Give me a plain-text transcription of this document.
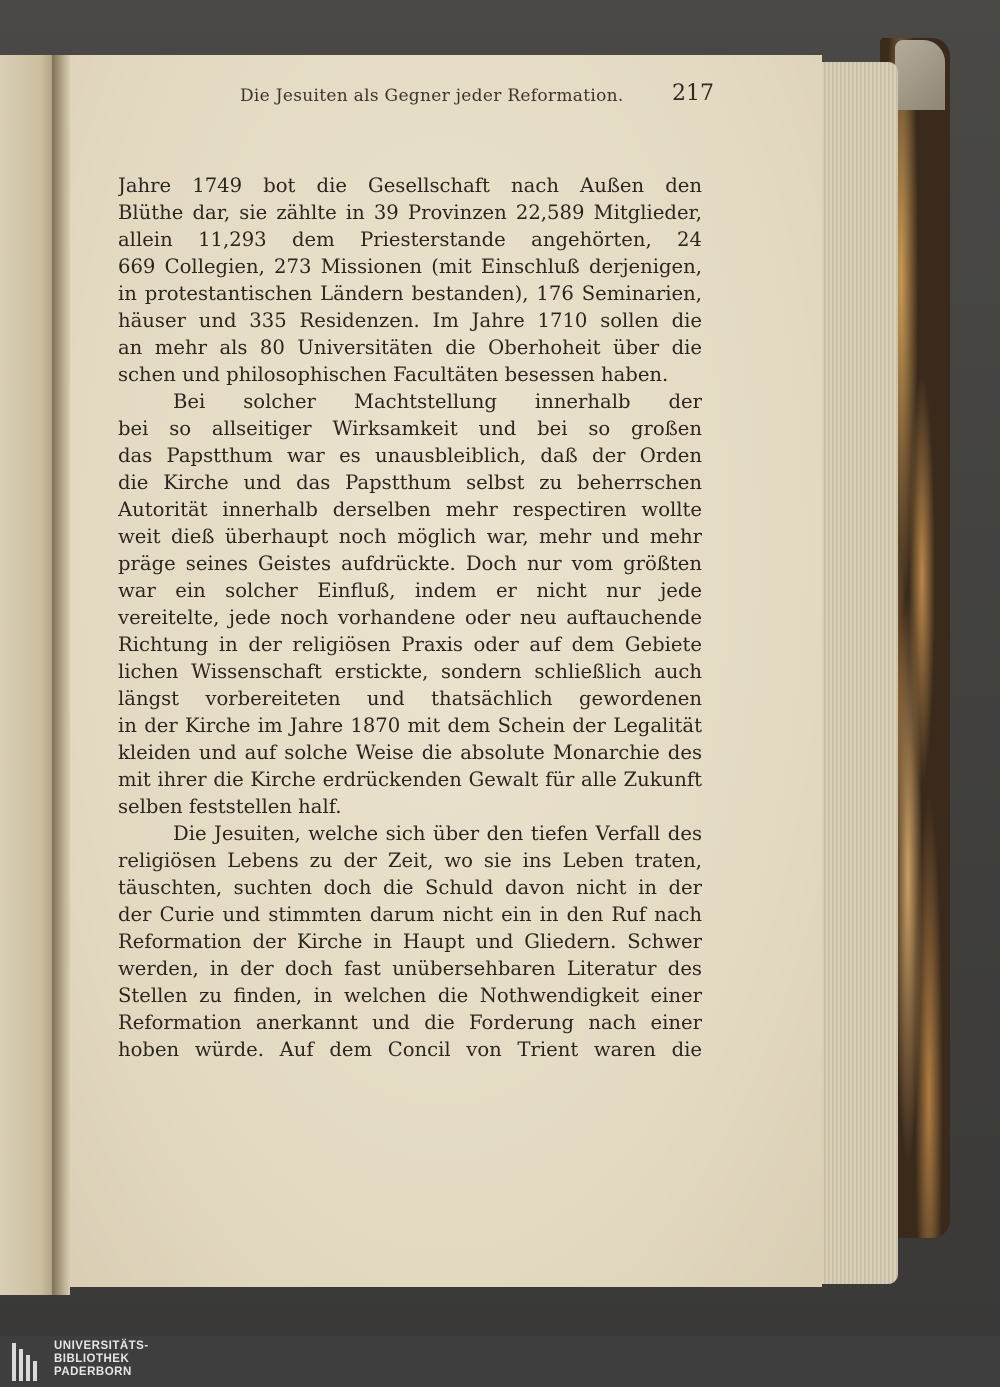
Die Jesuiten als Gegner jeder Reformation. 217
Jahre 1749 bot die Gesellschaft nach Außen den
Blüthe dar, sie zählte in 39 Provinzen 22,589 Mitglieder,
allein 11,293 dem Priesterstande angehörten, 24
669 Collegien, 273 Missionen (mit Einschluß derjenigen,
in protestantischen Ländern bestanden), 176 Seminarien,
häuser und 335 Residenzen. Im Jahre 1710 sollen die
an mehr als 80 Universitäten die Oberhoheit über die
schen und philosophischen Facultäten besessen haben.
Bei solcher Machtstellung innerhalb der
bei so allseitiger Wirksamkeit und bei so großen
das Papstthum war es unausbleiblich, daß der Orden
die Kirche und das Papstthum selbst zu beherrschen
Autorität innerhalb derselben mehr respectiren wollte
weit dieß überhaupt noch möglich war, mehr und mehr
präge seines Geistes aufdrückte. Doch nur vom größten
war ein solcher Einfluß, indem er nicht nur jede
vereitelte, jede noch vorhandene oder neu auftauchende
Richtung in der religiösen Praxis oder auf dem Gebiete
lichen Wissenschaft erstickte, sondern schließlich auch
längst vorbereiteten und thatsächlich gewordenen
in der Kirche im Jahre 1870 mit dem Schein der Legalität
kleiden und auf solche Weise die absolute Monarchie des
mit ihrer die Kirche erdrückenden Gewalt für alle Zukunft
selben feststellen half.
Die Jesuiten, welche sich über den tiefen Verfall des
religiösen Lebens zu der Zeit, wo sie ins Leben traten,
täuschten, suchten doch die Schuld davon nicht in der
der Curie und stimmten darum nicht ein in den Ruf nach
Reformation der Kirche in Haupt und Gliedern. Schwer
werden, in der doch fast unübersehbaren Literatur des
Stellen zu finden, in welchen die Nothwendigkeit einer
Reformation anerkannt und die Forderung nach einer
hoben würde. Auf dem Concil von Trient waren die
UNIVERSITÄTS-
BIBLIOTHEK
PADERBORN
